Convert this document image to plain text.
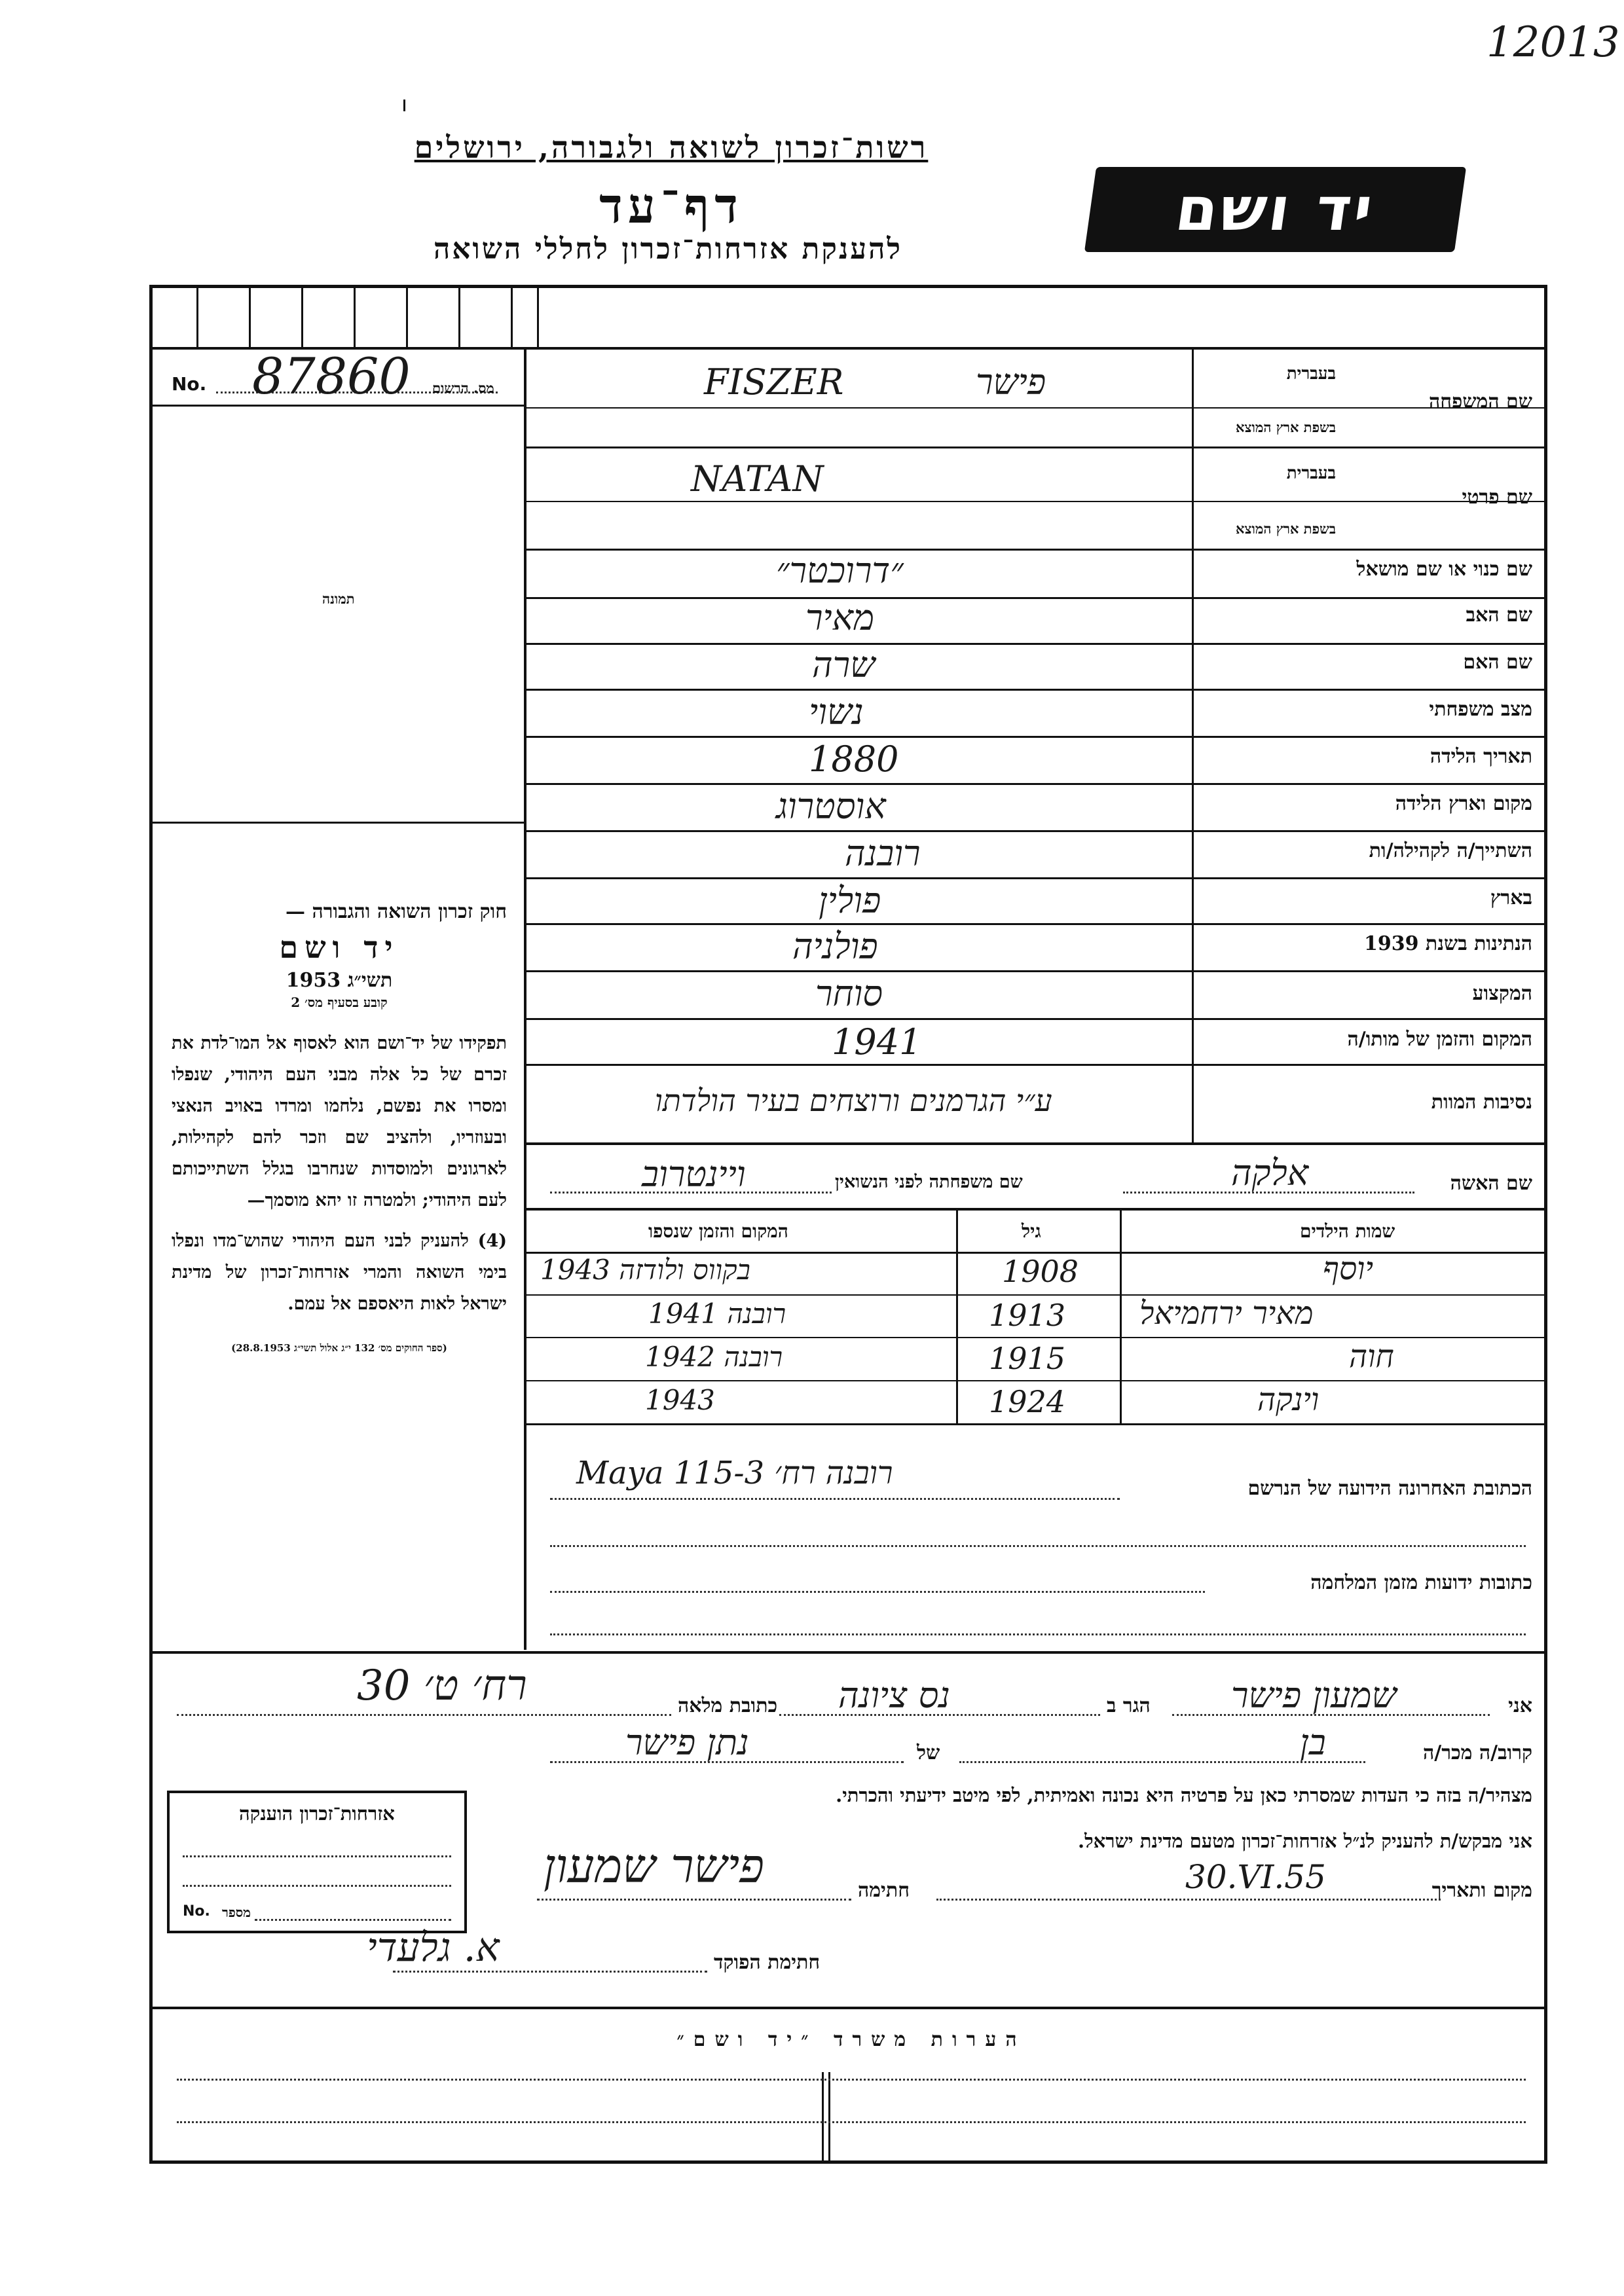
12013
רשות־זכרון לשואה ולגבורה, ירושלים
דף־עד
להענקת אזרחות־זכרון לחללי השואה
יד ושם
No. 87860 מס. הרשום
תמונה
חוק זכרון השואה והגבורה —
יד ושם
תשי״ג 1953
קובע בסעיף מס׳ 2
תפקידו של יד־ושם הוא לאסוף אל המו־לדת את זכרם של כל אלה מבני העם היהודי, שנפלו ומסרו את נפשם, נלחמו ומרדו באויב הנאצי ובעוזריו, ולהציב שם וזכר להם לקהילות, לארגונים ולמוסדות שנחרבו בגלל השתייכותם לעם היהודי; ולמטרה זו יהא מוסמך—
(4) להעניק לבני העם היהודי שהוש־מדו ונפלו בימי השואה והמרי אזרחות־זכרון של מדינת ישראל לאות היאספם אל עמם.
(ספר החוקים מס׳ 132 י״ג אלול תשי״ג 28.8.1953)
שם המשפחה
בעברית
בשפת ארץ המוצא
FISZER	פישר
שם פרטי
בעברית
בשפת ארץ המוצא
NATAN
שם כנוי או שם מושאל
״דרוכטר״
שם האב
מאיר
שם האם
שרה
מצב משפחתי
נשוי
תאריך הלידה
1880
מקום וארץ הלידה
אוסטרוג
השתייך/ה לקהילה/ות
רובנה
בארץ
פולין
הנתינות בשנת 1939
פולניה
המקצוע
סוחר
המקום והזמן של מותו/ה
1941
נסיבות המוות
ע״י הגרמנים ורוצחים בעיר הולדתו
שם האשה
אלקה
שם משפחתה לפני הנשואין
ויינטרוב
שמות הילדים
גיל
המקום והזמן שנספו
יוסף
1908
בקווס ולודזה 1943
מאיר ירחמיאל
1913
רובנה 1941
חוה
1915
רובנה 1942
וינקה
1924
1943
הכתובת האחרונה הידועה של הנרשם
רובנה רח׳ 3-Maya 115
כתובות ידועות מזמן המלחמה
אני
שמעון פישר
הגר ב
נס ציונה
כתובת מלאה
רח׳ ט׳ 30
קרוב/ה מכר/ה
בן
של
נתן פישר
מצהיר/ה בזה כי העדות שמסרתי כאן על פרטיה היא נכונה ואמיתית, לפי מיטב ידיעתי והכרתי.
אני מבקש/ת להעניק לנ״ל אזרחות־זכרון מטעם מדינת ישראל.
מקום ותאריך
30.VI.55
חתימה
פישר שמעון
חתימת הפוקד
א. גלעדי
אזרחות־זכרון הוענקה
No. מספר
הערות משרד ״יד ושם״
